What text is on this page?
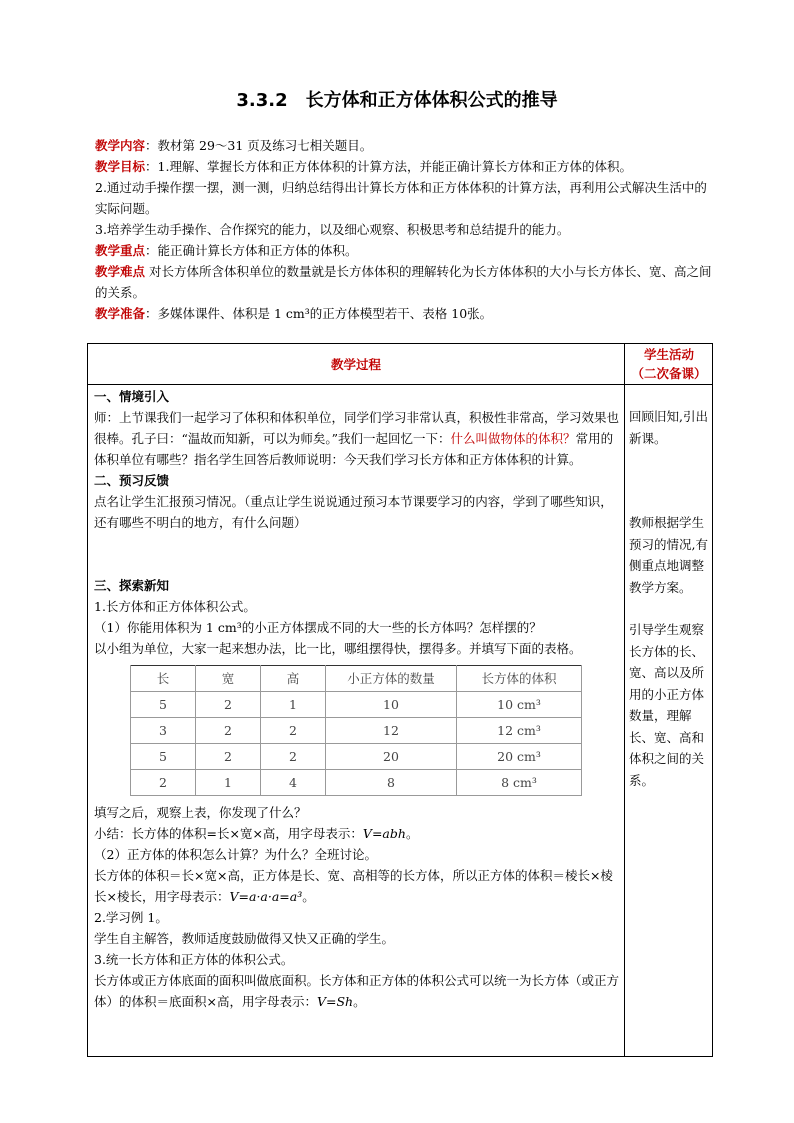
3.3.2　长方体和正方体体积公式的推导

教学内容：教材第 29～31 页及练习七相关题目。

教学目标：1.理解、掌握长方体和正方体体积的计算方法，并能正确计算长方体和正方体的体积。

2.通过动手操作摆一摆，测一测，归纳总结得出计算长方体和正方体体积的计算方法，再利用公式解决生活中的实际问题。

3.培养学生动手操作、合作探究的能力，以及细心观察、积极思考和总结提升的能力。

教学重点：能正确计算长方体和正方体的体积。

教学难点 对长方体所含体积单位的数量就是长方体体积的理解转化为长方体体积的大小与长方体长、宽、高之间的关系。

教学准备：多媒体课件、体积是 1 cm³的正方体模型若干、表格 10张。

教学过程
学生活动
（二次备课）

一、情境引入

师：上节课我们一起学习了体积和体积单位，同学们学习非常认真，积极性非常高，学习效果也很棒。孔子曰：“温故而知新，可以为师矣。”我们一起回忆一下：什么叫做物体的体积？常用的体积单位有哪些？指名学生回答后教师说明：今天我们学习长方体和正方体体积的计算。

二、预习反馈

点名让学生汇报预习情况。（重点让学生说说通过预习本节课要学习的内容，学到了哪些知识，还有哪些不明白的地方，有什么问题）

三、探索新知

1.长方体和正方体体积公式。

（1）你能用体积为 1 cm³的小正方体摆成不同的大一些的长方体吗？怎样摆的？

以小组为单位，大家一起来想办法，比一比，哪组摆得快，摆得多。并填写下面的表格。

长	宽	高	小正方体的数量	长方体的体积
5	2	1	10	10 cm³
3	2	2	12	12 cm³
5	2	2	20	20 cm³
2	1	4	8	8 cm³

填写之后，观察上表，你发现了什么？

小结：长方体的体积=长×宽×高，用字母表示：V=abh。

（2）正方体的体积怎么计算？为什么？全班讨论。

长方体的体积＝长×宽×高，正方体是长、宽、高相等的长方体，所以正方体的体积＝棱长×棱长×棱长，用字母表示：V=a·a·a=a³。

2.学习例 1。

学生自主解答，教师适度鼓励做得又快又正确的学生。

3.统一长方体和正方体的体积公式。

长方体或正方体底面的面积叫做底面积。长方体和正方体的体积公式可以统一为长方体（或正方体）的体积＝底面积×高，用字母表示：V=Sh。

回顾旧知,引出新课。

教师根据学生预习的情况,有侧重点地调整教学方案。

引导学生观察长方体的长、宽、高以及所用的小正方体数量，理解长、宽、高和体积之间的关系。
